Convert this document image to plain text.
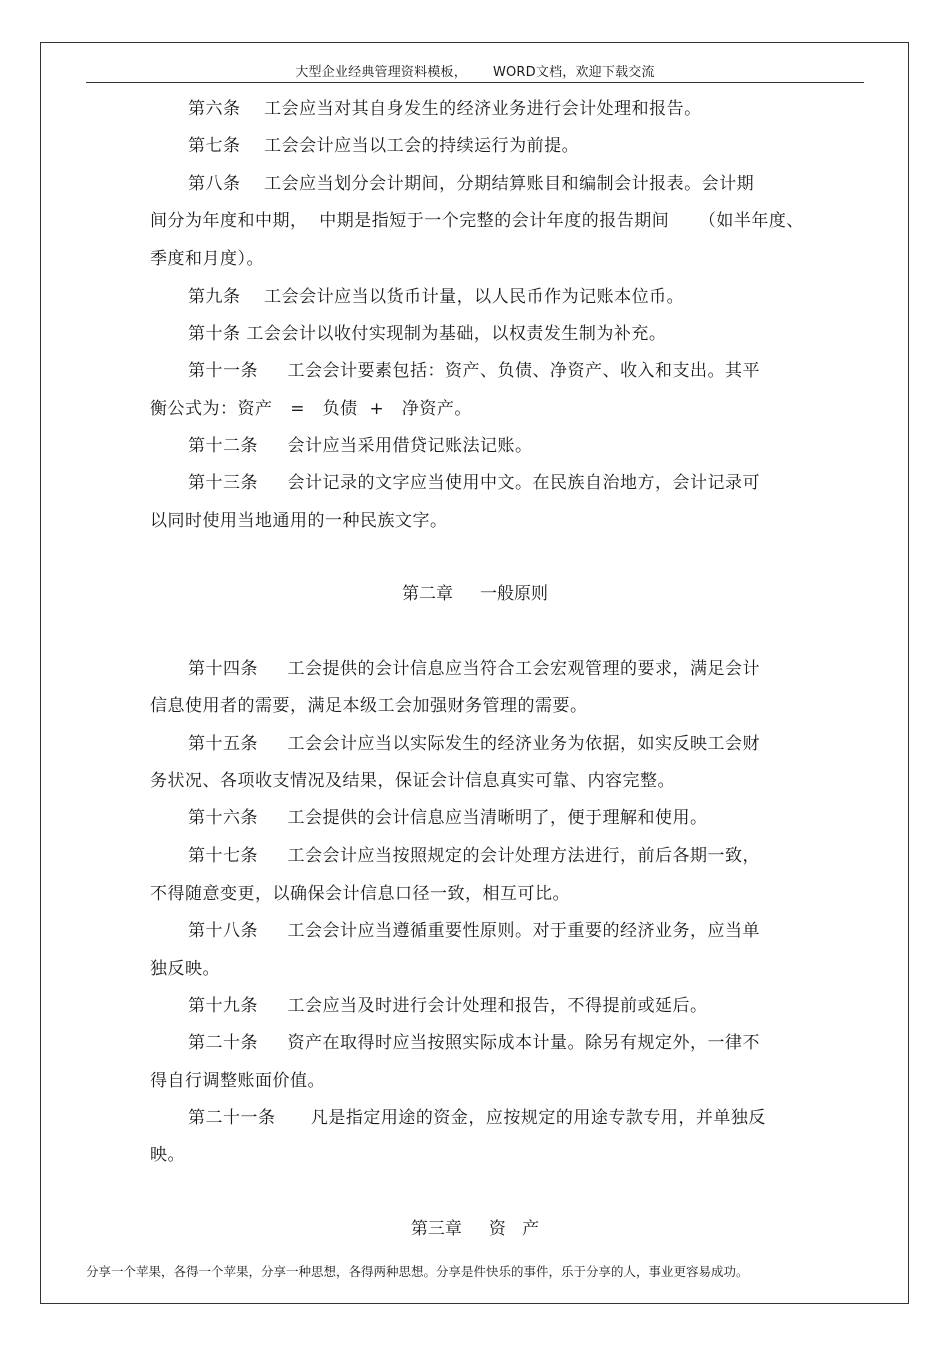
大型企业经典管理资料模板， WORD文档，欢迎下载交流
第六条    工会应当对其自身发生的经济业务进行会计处理和报告。
第七条    工会会计应当以工会的持续运行为前提。
第八条    工会应当划分会计期间，分期结算账目和编制会计报表。会计期
间分为年度和中期，  中期是指短于一个完整的会计年度的报告期间     （如半年度、
季度和月度）。
第九条    工会会计应当以货币计量，以人民币作为记账本位币。
第十条 工会会计以收付实现制为基础，以权责发生制为补充。
第十一条     工会会计要素包括：资产、负债、净资产、收入和支出。其平
衡公式为：资产   =   负债  +   净资产。
第十二条     会计应当采用借贷记账法记账。
第十三条     会计记录的文字应当使用中文。在民族自治地方，会计记录可
以同时使用当地通用的一种民族文字。
第二章     一般原则
第十四条     工会提供的会计信息应当符合工会宏观管理的要求，满足会计
信息使用者的需要，满足本级工会加强财务管理的需要。
第十五条     工会会计应当以实际发生的经济业务为依据，如实反映工会财
务状况、各项收支情况及结果，保证会计信息真实可靠、内容完整。
第十六条     工会提供的会计信息应当清晰明了，便于理解和使用。
第十七条     工会会计应当按照规定的会计处理方法进行，前后各期一致，
不得随意变更，以确保会计信息口径一致，相互可比。
第十八条     工会会计应当遵循重要性原则。对于重要的经济业务，应当单
独反映。
第十九条     工会应当及时进行会计处理和报告，不得提前或延后。
第二十条     资产在取得时应当按照实际成本计量。除另有规定外，一律不
得自行调整账面价值。
第二十一条      凡是指定用途的资金，应按规定的用途专款专用，并单独反
映。
第三章     资   产
分享一个苹果，各得一个苹果，分享一种思想，各得两种思想。分享是件快乐的事件，乐于分享的人，事业更容易成功。
